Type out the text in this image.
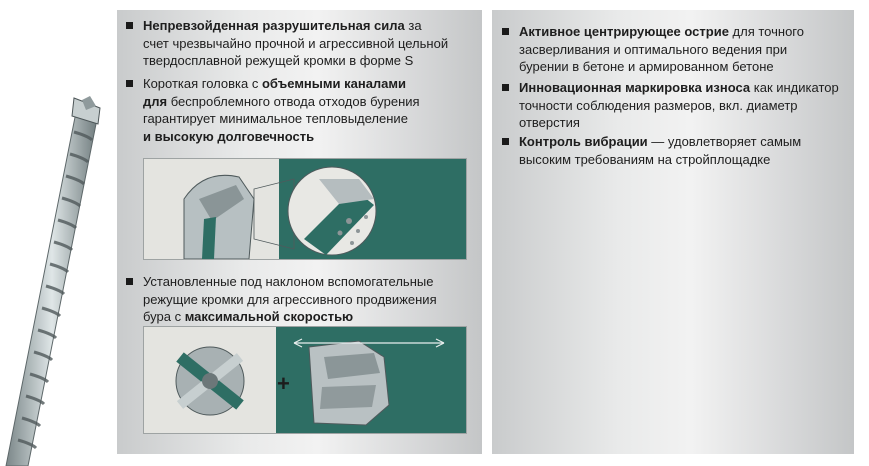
Непревзойденная разрушительная сила за
счет чрезвычайно прочной и агрессивной цельной
твердосплавной режущей кромки в форме S
Короткая головка с объемными каналами
для беспроблемного отвода отходов бурения
гарантирует минимальное тепловыделение
и высокую долговечность
Установленные под наклоном вспомогательные
режущие кромки для агрессивного продвижения
бура с максимальной скоростью
+
Активное центрирующее острие для точного
засверливания и оптимального ведения при
бурении в бетоне и армированном бетоне
Инновационная маркировка износа как индикатор
точности соблюдения размеров, вкл. диаметр
отверстия
Контроль вибрации — удовлетворяет самым
высоким требованиям на стройплощадке
